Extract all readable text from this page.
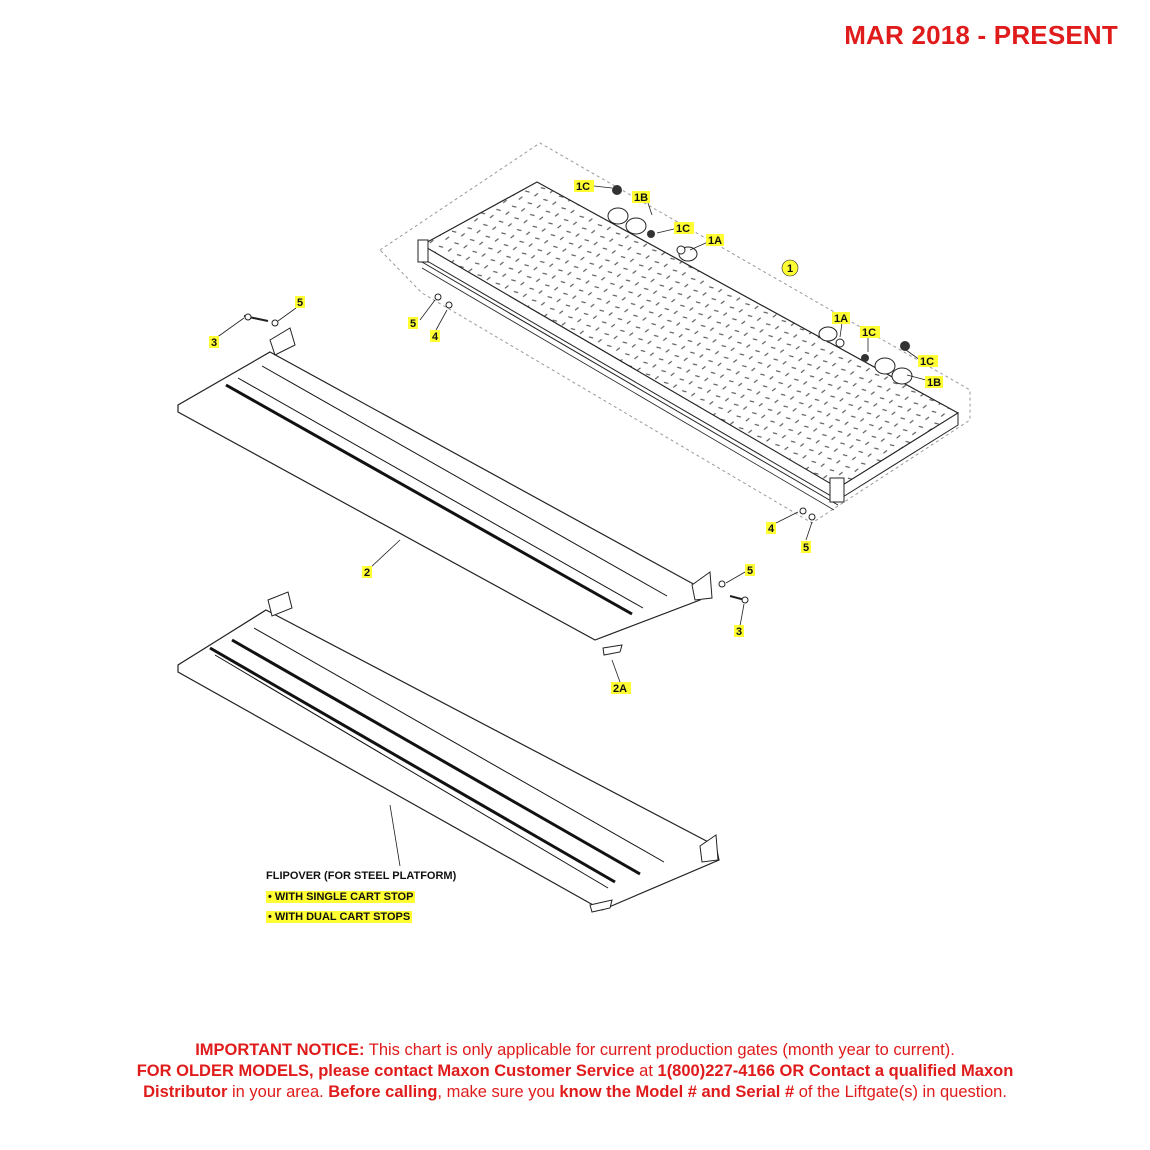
MAR 2018 - PRESENT
1C
1B
1C
1A
1
1A
1C
1C
1B
5
3
5
4
4
5
2	5
3
2A
FLIPOVER (FOR STEEL PLATFORM)
• WITH SINGLE CART STOP
• WITH DUAL CART STOPS
IMPORTANT NOTICE: This chart is only applicable for current production gates (month year to current).
FOR OLDER MODELS, please contact Maxon Customer Service at 1(800)227-4166 OR Contact a qualified Maxon
Distributor in your area. Before calling, make sure you know the Model # and Serial # of the Liftgate(s) in question.
